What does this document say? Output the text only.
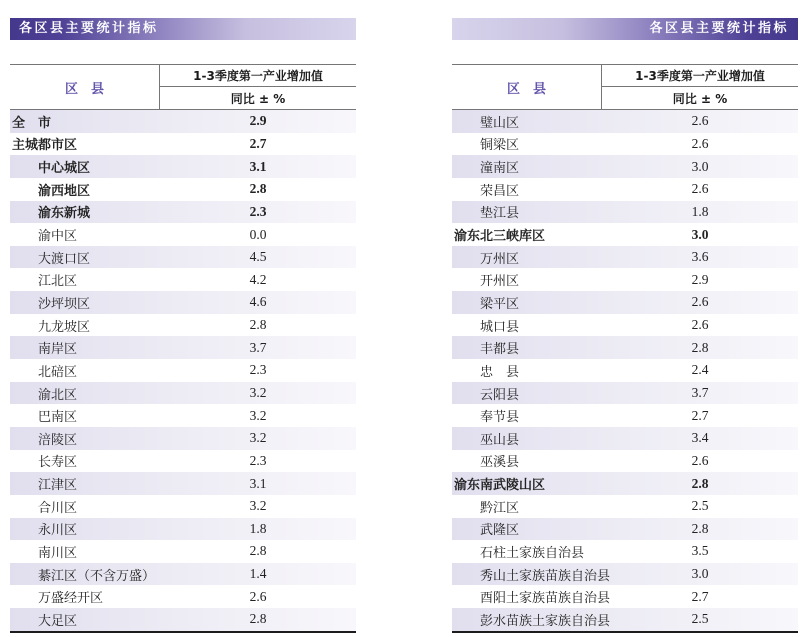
各区县主要统计指标
区　县
1-3季度第一产业增加值
同比 ± %
全　市	2.9
主城都市区	2.7
中心城区	3.1
渝西地区	2.8
渝东新城	2.3
渝中区	0.0
大渡口区	4.5
江北区	4.2
沙坪坝区	4.6
九龙坡区	2.8
南岸区	3.7
北碚区	2.3
渝北区	3.2
巴南区	3.2
涪陵区	3.2
长寿区	2.3
江津区	3.1
合川区	3.2
永川区	1.8
南川区	2.8
綦江区（不含万盛）	1.4
万盛经开区	2.6
大足区	2.8
各区县主要统计指标
区　县
1-3季度第一产业增加值
同比 ± %
璧山区	2.6
铜梁区	2.6
潼南区	3.0
荣昌区	2.6
垫江县	1.8
渝东北三峡库区	3.0
万州区	3.6
开州区	2.9
梁平区	2.6
城口县	2.6
丰都县	2.8
忠　县	2.4
云阳县	3.7
奉节县	2.7
巫山县	3.4
巫溪县	2.6
渝东南武陵山区	2.8
黔江区	2.5
武隆区	2.8
石柱土家族自治县	3.5
秀山土家族苗族自治县	3.0
酉阳土家族苗族自治县	2.7
彭水苗族土家族自治县	2.5
